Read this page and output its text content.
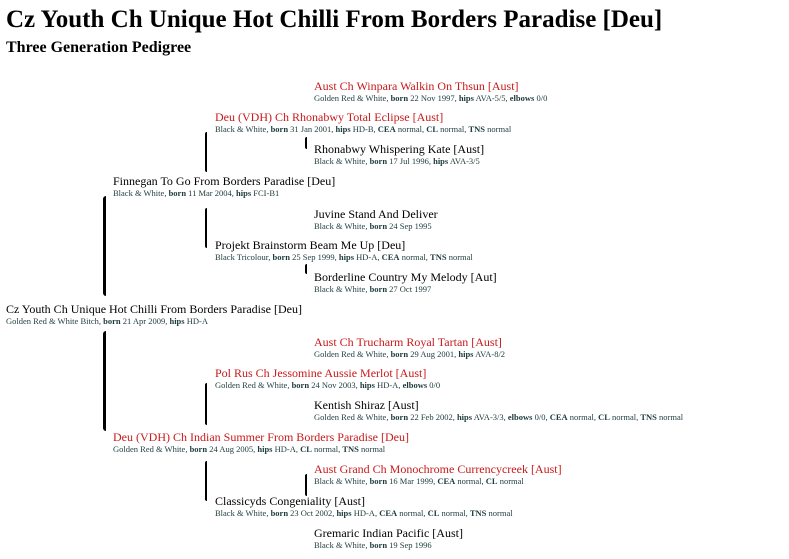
Cz Youth Ch Unique Hot Chilli From Borders Paradise [Deu]
Three Generation Pedigree
Aust Ch Winpara Walkin On Thsun [Aust]
Golden Red & White, born 22 Nov 1997, hips AVA-5/5, elbows 0/0
Rhonabwy Whispering Kate [Aust]
Black & White, born 17 Jul 1996, hips AVA-3/5
Juvine Stand And Deliver
Black & White, born 24 Sep 1995
Borderline Country My Melody [Aut]
Black & White, born 27 Oct 1997
Aust Ch Trucharm Royal Tartan [Aust]
Golden Red & White, born 29 Aug 2001, hips AVA-8/2
Kentish Shiraz [Aust]
Golden Red & White, born 22 Feb 2002, hips AVA-3/3, elbows 0/0, CEA normal, CL normal, TNS normal
Aust Grand Ch Monochrome Currencycreek [Aust]
Black & White, born 16 Mar 1999, CEA normal, CL normal
Gremaric Indian Pacific [Aust]
Black & White, born 19 Sep 1996
Deu (VDH) Ch Rhonabwy Total Eclipse [Aust]
Black & White, born 31 Jan 2001, hips HD-B, CEA normal, CL normal, TNS normal
Projekt Brainstorm Beam Me Up [Deu]
Black Tricolour, born 25 Sep 1999, hips HD-A, CEA normal, TNS normal
Pol Rus Ch Jessomine Aussie Merlot [Aust]
Golden Red & White, born 24 Nov 2003, hips HD-A, elbows 0/0
Classicyds Congeniality [Aust]
Black & White, born 23 Oct 2002, hips HD-A, CEA normal, CL normal, TNS normal
Finnegan To Go From Borders Paradise [Deu]
Black & White, born 11 Mar 2004, hips FCI-B1
Deu (VDH) Ch Indian Summer From Borders Paradise [Deu]
Golden Red & White, born 24 Aug 2005, hips HD-A, CL normal, TNS normal
Cz Youth Ch Unique Hot Chilli From Borders Paradise [Deu]
Golden Red & White Bitch, born 21 Apr 2009, hips HD-A
